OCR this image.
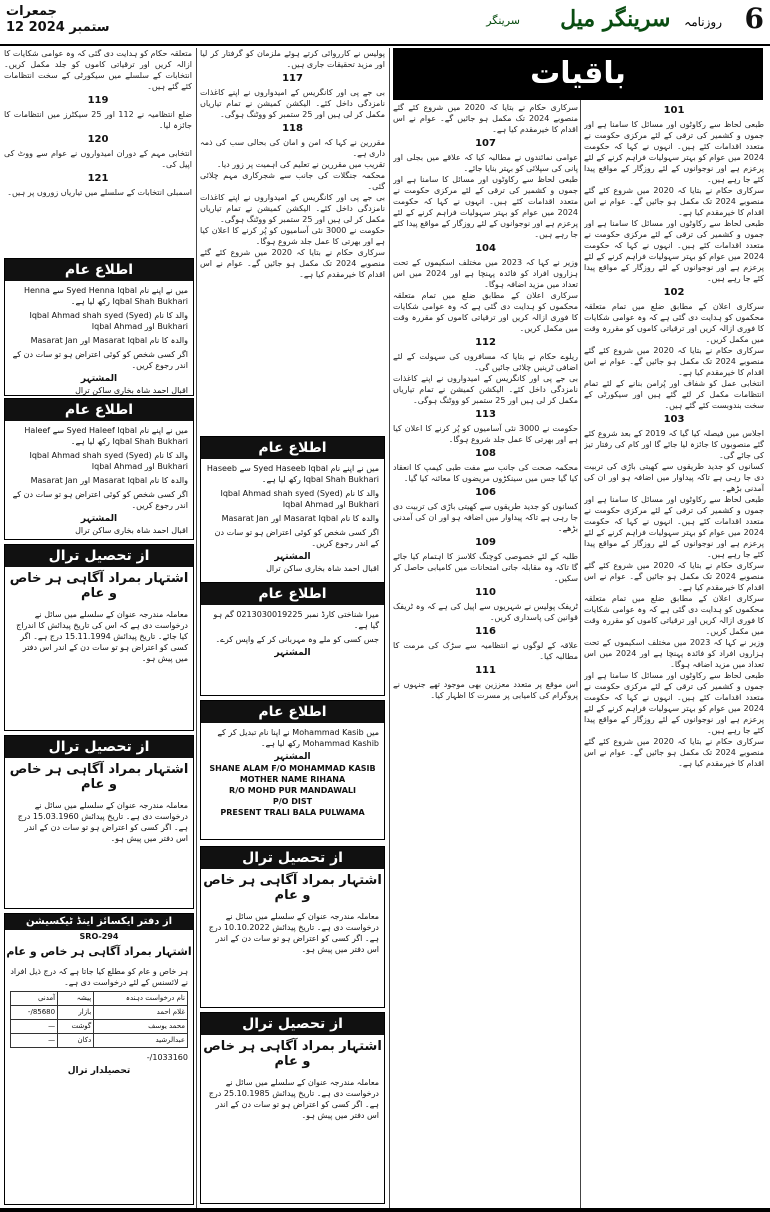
6
روزنامہ سرینگر میل
سرینگر
جمعرات
12 ستمبر 2024
باقیات
101
طبعی لحاظ سے رکاوٹوں اور مسائل کا سامنا ہے اور جموں و کشمیر کی ترقی کے لئے مرکزی حکومت نے متعدد اقدامات کئے ہیں۔ انہوں نے کہا کہ حکومت 2024 میں عوام کو بہتر سہولیات فراہم کرنے کے لئے پرعزم ہے اور نوجوانوں کے لئے روزگار کے مواقع پیدا کئے جا رہے ہیں۔
سرکاری حکام نے بتایا کہ 2020 میں شروع کئے گئے منصوبے 2024 تک مکمل ہو جائیں گے۔ عوام نے اس اقدام کا خیرمقدم کیا ہے۔
طبعی لحاظ سے رکاوٹوں اور مسائل کا سامنا ہے اور جموں و کشمیر کی ترقی کے لئے مرکزی حکومت نے متعدد اقدامات کئے ہیں۔ انہوں نے کہا کہ حکومت 2024 میں عوام کو بہتر سہولیات فراہم کرنے کے لئے پرعزم ہے اور نوجوانوں کے لئے روزگار کے مواقع پیدا کئے جا رہے ہیں۔
102
سرکاری اعلان کے مطابق ضلع میں تمام متعلقہ محکموں کو ہدایت دی گئی ہے کہ وہ عوامی شکایات کا فوری ازالہ کریں اور ترقیاتی کاموں کو مقررہ وقت میں مکمل کریں۔
سرکاری حکام نے بتایا کہ 2020 میں شروع کئے گئے منصوبے 2024 تک مکمل ہو جائیں گے۔ عوام نے اس اقدام کا خیرمقدم کیا ہے۔
انتخابی عمل کو شفاف اور پُرامن بنانے کے لئے تمام انتظامات مکمل کر لئے گئے ہیں اور سیکورٹی کے سخت بندوبست کئے گئے ہیں۔
103
اجلاس میں فیصلہ کیا گیا کہ 2019 کے بعد شروع کئے گئے منصوبوں کا جائزہ لیا جائے گا اور کام کی رفتار تیز کی جائے گی۔
کسانوں کو جدید طریقوں سے کھیتی باڑی کی تربیت دی جا رہی ہے تاکہ پیداوار میں اضافہ ہو اور ان کی آمدنی بڑھے۔
طبعی لحاظ سے رکاوٹوں اور مسائل کا سامنا ہے اور جموں و کشمیر کی ترقی کے لئے مرکزی حکومت نے متعدد اقدامات کئے ہیں۔ انہوں نے کہا کہ حکومت 2024 میں عوام کو بہتر سہولیات فراہم کرنے کے لئے پرعزم ہے اور نوجوانوں کے لئے روزگار کے مواقع پیدا کئے جا رہے ہیں۔
سرکاری حکام نے بتایا کہ 2020 میں شروع کئے گئے منصوبے 2024 تک مکمل ہو جائیں گے۔ عوام نے اس اقدام کا خیرمقدم کیا ہے۔
سرکاری اعلان کے مطابق ضلع میں تمام متعلقہ محکموں کو ہدایت دی گئی ہے کہ وہ عوامی شکایات کا فوری ازالہ کریں اور ترقیاتی کاموں کو مقررہ وقت میں مکمل کریں۔
وزیر نے کہا کہ 2023 میں مختلف اسکیموں کے تحت ہزاروں افراد کو فائدہ پہنچا ہے اور 2024 میں اس تعداد میں مزید اضافہ ہوگا۔
طبعی لحاظ سے رکاوٹوں اور مسائل کا سامنا ہے اور جموں و کشمیر کی ترقی کے لئے مرکزی حکومت نے متعدد اقدامات کئے ہیں۔ انہوں نے کہا کہ حکومت 2024 میں عوام کو بہتر سہولیات فراہم کرنے کے لئے پرعزم ہے اور نوجوانوں کے لئے روزگار کے مواقع پیدا کئے جا رہے ہیں۔
سرکاری حکام نے بتایا کہ 2020 میں شروع کئے گئے منصوبے 2024 تک مکمل ہو جائیں گے۔ عوام نے اس اقدام کا خیرمقدم کیا ہے۔
سرکاری حکام نے بتایا کہ 2020 میں شروع کئے گئے منصوبے 2024 تک مکمل ہو جائیں گے۔ عوام نے اس اقدام کا خیرمقدم کیا ہے۔
107
عوامی نمائندوں نے مطالبہ کیا کہ علاقے میں بجلی اور پانی کی سپلائی کو بہتر بنایا جائے۔
طبعی لحاظ سے رکاوٹوں اور مسائل کا سامنا ہے اور جموں و کشمیر کی ترقی کے لئے مرکزی حکومت نے متعدد اقدامات کئے ہیں۔ انہوں نے کہا کہ حکومت 2024 میں عوام کو بہتر سہولیات فراہم کرنے کے لئے پرعزم ہے اور نوجوانوں کے لئے روزگار کے مواقع پیدا کئے جا رہے ہیں۔
104
وزیر نے کہا کہ 2023 میں مختلف اسکیموں کے تحت ہزاروں افراد کو فائدہ پہنچا ہے اور 2024 میں اس تعداد میں مزید اضافہ ہوگا۔
سرکاری اعلان کے مطابق ضلع میں تمام متعلقہ محکموں کو ہدایت دی گئی ہے کہ وہ عوامی شکایات کا فوری ازالہ کریں اور ترقیاتی کاموں کو مقررہ وقت میں مکمل کریں۔
112
ریلوے حکام نے بتایا کہ مسافروں کی سہولت کے لئے اضافی ٹرینیں چلائی جائیں گی۔
بی جے پی اور کانگریس کے امیدواروں نے اپنے کاغذات نامزدگی داخل کئے۔ الیکشن کمیشن نے تمام تیاریاں مکمل کر لی ہیں اور 25 ستمبر کو ووٹنگ ہوگی۔
113
حکومت نے 3000 نئی آسامیوں کو پُر کرنے کا اعلان کیا ہے اور بھرتی کا عمل جلد شروع ہوگا۔
108
محکمہ صحت کی جانب سے مفت طبی کیمپ کا انعقاد کیا گیا جس میں سینکڑوں مریضوں کا معائنہ کیا گیا۔
106
کسانوں کو جدید طریقوں سے کھیتی باڑی کی تربیت دی جا رہی ہے تاکہ پیداوار میں اضافہ ہو اور ان کی آمدنی بڑھے۔
109
طلبہ کے لئے خصوصی کوچنگ کلاسز کا اہتمام کیا جائے گا تاکہ وہ مقابلہ جاتی امتحانات میں کامیابی حاصل کر سکیں۔
110
ٹریفک پولیس نے شہریوں سے اپیل کی ہے کہ وہ ٹریفک قوانین کی پاسداری کریں۔
116
علاقہ کے لوگوں نے انتظامیہ سے سڑک کی مرمت کا مطالبہ کیا۔
111
اس موقع پر متعدد معززین بھی موجود تھے جنہوں نے پروگرام کی کامیابی پر مسرت کا اظہار کیا۔
پولیس نے کارروائی کرتے ہوئے ملزمان کو گرفتار کر لیا اور مزید تحقیقات جاری ہیں۔
117
بی جے پی اور کانگریس کے امیدواروں نے اپنے کاغذات نامزدگی داخل کئے۔ الیکشن کمیشن نے تمام تیاریاں مکمل کر لی ہیں اور 25 ستمبر کو ووٹنگ ہوگی۔
118
مقررین نے کہا کہ امن و امان کی بحالی سب کی ذمہ داری ہے۔
تقریب میں مقررین نے تعلیم کی اہمیت پر زور دیا۔
محکمہ جنگلات کی جانب سے شجرکاری مہم چلائی گئی۔
بی جے پی اور کانگریس کے امیدواروں نے اپنے کاغذات نامزدگی داخل کئے۔ الیکشن کمیشن نے تمام تیاریاں مکمل کر لی ہیں اور 25 ستمبر کو ووٹنگ ہوگی۔
حکومت نے 3000 نئی آسامیوں کو پُر کرنے کا اعلان کیا ہے اور بھرتی کا عمل جلد شروع ہوگا۔
سرکاری حکام نے بتایا کہ 2020 میں شروع کئے گئے منصوبے 2024 تک مکمل ہو جائیں گے۔ عوام نے اس اقدام کا خیرمقدم کیا ہے۔
اطلاع عام

میں نے اپنے نام Syed Haseeb Iqbal سے Haseeb Iqbal Shah Bukhari رکھ لیا ہے۔

والد کا نام (Syed) Iqbal Ahmad shah syed Bukhari اور Iqbal Ahmad

والدہ کا نام Masarat Iqbal اور Masarat Jan

اگر کسی شخص کو کوئی اعتراض ہو تو سات دن کے اندر رجوع کریں۔

المشتہر

اقبال احمد شاہ بخاری ساکن ترال

اطلاع عام

میرا شناختی کارڈ نمبر 0213030019225 گم ہو گیا ہے۔

جس کسی کو ملے وہ مہربانی کر کے واپس کرے۔

المشتہر
اطلاع عام

میں Mohammad Kasib نے اپنا نام تبدیل کر کے Mohammad Kashib رکھ لیا ہے۔

المشتہر
SHANE ALAM F/O MOHAMMAD KASIB
MOTHER NAME RIHANA
R/O MOHD PUR MANDAWALI
P/O DIST
PRESENT TRALI BALA PULWAMA
از تحصیل ترال
اشتہار بمراد آگاہی ہر خاص و عام
معاملہ مندرجہ عنوان کے سلسلے میں سائل نے درخواست دی ہے۔ تاریخ پیدائش 10.10.2022 درج ہے۔ اگر کسی کو اعتراض ہو تو سات دن کے اندر اس دفتر میں پیش ہو۔
از تحصیل ترال
اشتہار بمراد آگاہی ہر خاص و عام
معاملہ مندرجہ عنوان کے سلسلے میں سائل نے درخواست دی ہے۔ تاریخ پیدائش 25.10.1985 درج ہے۔ اگر کسی کو اعتراض ہو تو سات دن کے اندر اس دفتر میں پیش ہو۔
متعلقہ حکام کو ہدایت دی گئی کہ وہ عوامی شکایات کا ازالہ کریں اور ترقیاتی کاموں کو جلد مکمل کریں۔ انتخابات کے سلسلے میں سیکورٹی کے سخت انتظامات کئے گئے ہیں۔
119
ضلع انتظامیہ نے 112 اور 25 سیکٹرز میں انتظامات کا جائزہ لیا۔
120
انتخابی مہم کے دوران امیدواروں نے عوام سے ووٹ کی اپیل کی۔
121
اسمبلی انتخابات کے سلسلے میں تیاریاں زوروں پر ہیں۔
اطلاع عام

میں نے اپنے نام Syed Henna Iqbal سے Henna Iqbal Shah Bukhari رکھ لیا ہے۔

والد کا نام (Syed) Iqbal Ahmad shah syed Bukhari اور Iqbal Ahmad

والدہ کا نام Masarat Iqbal اور Masarat Jan

اگر کسی شخص کو کوئی اعتراض ہو تو سات دن کے اندر رجوع کریں۔

المشتہر

اقبال احمد شاہ بخاری ساکن ترال

اطلاع عام

میں نے اپنے نام Syed Haleef Iqbal سے Haleef Iqbal Shah Bukhari رکھ لیا ہے۔

والد کا نام (Syed) Iqbal Ahmad shah syed Bukhari اور Iqbal Ahmad

والدہ کا نام Masarat Iqbal اور Masarat Jan

اگر کسی شخص کو کوئی اعتراض ہو تو سات دن کے اندر رجوع کریں۔

المشتہر

اقبال احمد شاہ بخاری ساکن ترال

از تحصیل ترال
اشتہار بمراد آگاہی ہر خاص و عام
معاملہ مندرجہ عنوان کے سلسلے میں سائل نے درخواست دی ہے کہ اس کی تاریخ پیدائش کا اندراج کیا جائے۔ تاریخ پیدائش 15.11.1994 درج ہے۔ اگر کسی کو اعتراض ہو تو سات دن کے اندر اس دفتر میں پیش ہو۔
از تحصیل ترال
اشتہار بمراد آگاہی ہر خاص و عام
معاملہ مندرجہ عنوان کے سلسلے میں سائل نے درخواست دی ہے۔ تاریخ پیدائش 15.03.1960 درج ہے۔ اگر کسی کو اعتراض ہو تو سات دن کے اندر اس دفتر میں پیش ہو۔
از دفتر ایکسائز اینڈ ٹیکسیشن
SRO-294
اشتہار بمراد آگاہی ہر خاص و عام

ہر خاص و عام کو مطلع کیا جاتا ہے کہ درج ذیل افراد نے لائسنس کے لئے درخواست دی ہے۔

نام درخواست دہندہ	پیشہ	آمدنی
غلام احمد	بازار	85680/-
محمد یوسف	گوشت	—
عبدالرشید	دکان	—

1033160/-

تحصیلدار ترال
